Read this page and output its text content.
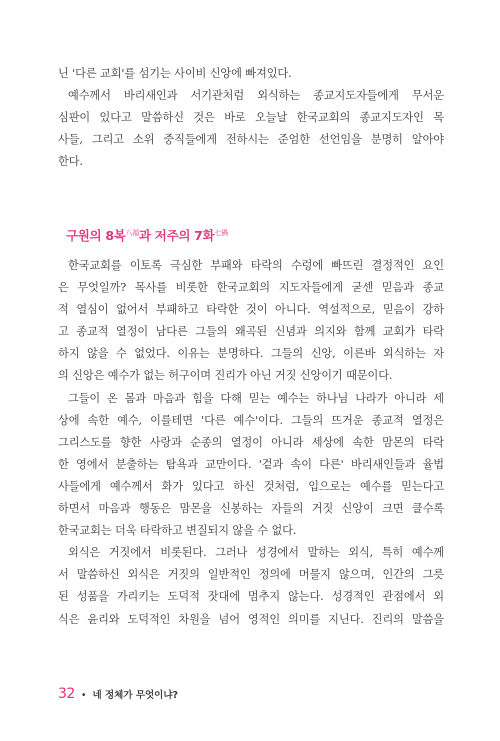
닌 '다른 교회'를 섬기는 사이비 신앙에 빠져있다.
예수께서 바리새인과 서기관처럼 외식하는 종교지도자들에게 무서운
심판이 있다고 말씀하신 것은 바로 오늘날 한국교회의 종교지도자인 목
사들, 그리고 소위 중직들에게 전하시는 준엄한 선언임을 분명히 알아야
한다.
구원의 8복$^{八福}$과 저주의 7화$^{七禍}$
한국교회를 이토록 극심한 부패와 타락의 수렁에 빠뜨린 결정적인 요인
은 무엇일까? 목사를 비롯한 한국교회의 지도자들에게 굳센 믿음과 종교
적 열심이 없어서 부패하고 타락한 것이 아니다. 역설적으로, 믿음이 강하
고 종교적 열정이 남다른 그들의 왜곡된 신념과 의지와 함께 교회가 타락
하지 않을 수 없었다. 이유는 분명하다. 그들의 신앙, 이른바 외식하는 자
의 신앙은 예수가 없는 허구이며 진리가 아닌 거짓 신앙이기 때문이다.
그들이 온 몸과 마음과 힘을 다해 믿는 예수는 하나님 나라가 아니라 세
상에 속한 예수, 이를테면 '다른 예수'이다. 그들의 뜨거운 종교적 열정은
그리스도를 향한 사랑과 순종의 열정이 아니라 세상에 속한 맘몬의 타락
한 영에서 분출하는 탐욕과 교만이다. '겉과 속이 다른' 바리새인들과 율법
사들에게 예수께서 화가 있다고 하신 것처럼, 입으로는 예수를 믿는다고
하면서 마음과 행동은 맘몬을 신봉하는 자들의 거짓 신앙이 크면 클수록
한국교회는 더욱 타락하고 변질되지 않을 수 없다.
외식은 거짓에서 비롯된다. 그러나 성경에서 말하는 외식, 특히 예수께
서 말씀하신 외식은 거짓의 일반적인 정의에 머물지 않으며, 인간의 그릇
된 성품을 가리키는 도덕적 잣대에 멈추지 않는다. 성경적인 관점에서 외
식은 윤리와 도덕적인 차원을 넘어 영적인 의미를 지닌다. 진리의 말씀을
32 • 네 정체가 무엇이냐?
